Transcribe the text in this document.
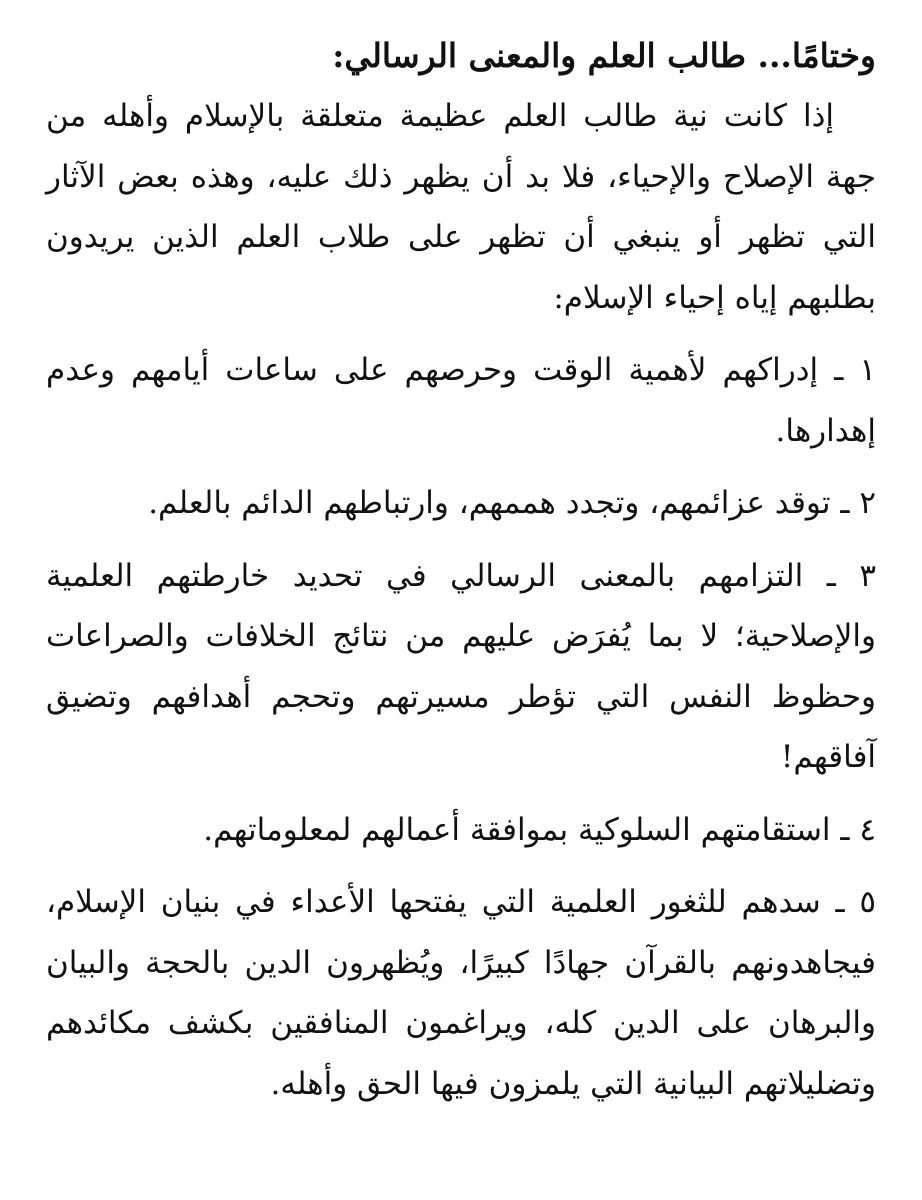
وختامًا... طالب العلم والمعنى الرسالي:

إذا كانت نية طالب العلم عظيمة متعلقة بالإسلام وأهله من جهة الإصلاح والإحياء، فلا بد أن يظهر ذلك عليه، وهذه بعض الآثار التي تظهر أو ينبغي أن تظهر على طلاب العلم الذين يريدون بطلبهم إياه إحياء الإسلام:

١ ـ إدراكهم لأهمية الوقت وحرصهم على ساعات أيامهم وعدم إهدارها.

٢ ـ توقد عزائمهم، وتجدد هممهم، وارتباطهم الدائم بالعلم.

٣ ـ التزامهم بالمعنى الرسالي في تحديد خارطتهم العلمية والإصلاحية؛ لا بما يُفرَض عليهم من نتائج الخلافات والصراعات وحظوظ النفس التي تؤطر مسيرتهم وتحجم أهدافهم وتضيق آفاقهم!

٤ ـ استقامتهم السلوكية بموافقة أعمالهم لمعلوماتهم.

٥ ـ سدهم للثغور العلمية التي يفتحها الأعداء في بنيان الإسلام، فيجاهدونهم بالقرآن جهادًا كبيرًا، ويُظهرون الدين بالحجة والبيان والبرهان على الدين كله، ويراغمون المنافقين بكشف مكائدهم وتضليلاتهم البيانية التي يلمزون فيها الحق وأهله.
